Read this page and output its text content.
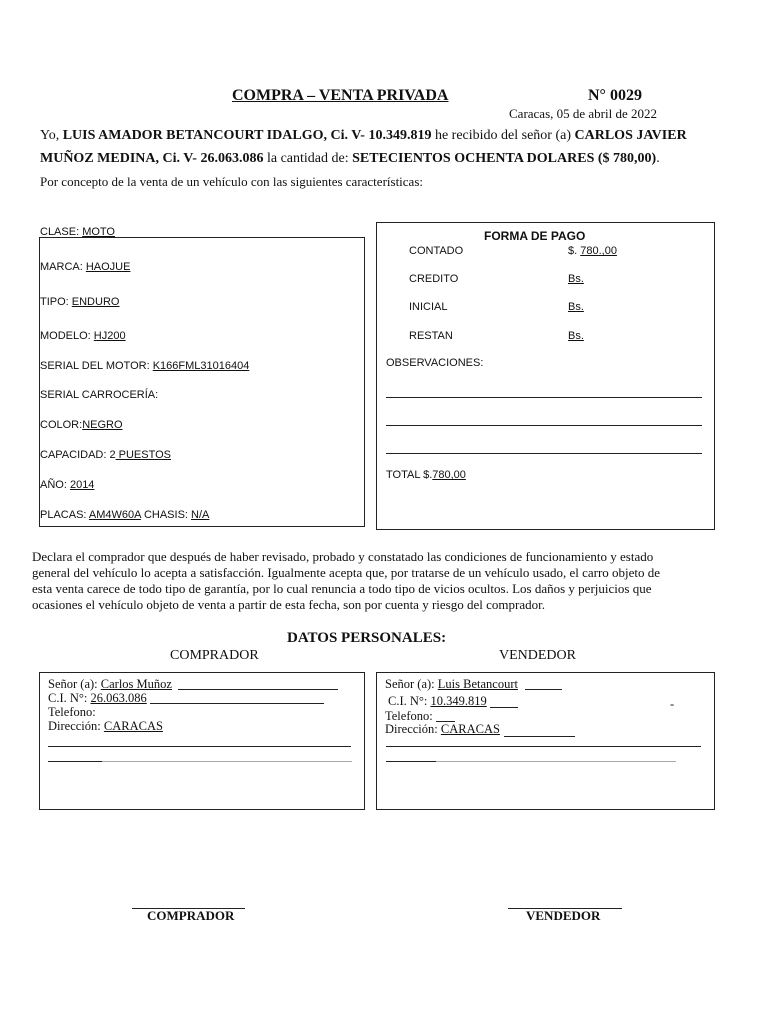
COMPRA – VENTA PRIVADA	N° 0029
Caracas, 05 de abril de 2022
Yo, LUIS AMADOR BETANCOURT IDALGO, Ci. V- 10.349.819 he recibido del señor (a) CARLOS JAVIER
MUÑOZ MEDINA, Ci. V- 26.063.086 la cantidad de: SETECIENTOS OCHENTA DOLARES ($ 780,00).
Por concepto de la venta de un vehículo con las siguientes características:
CLASE: MOTO
MARCA: HAOJUE
TIPO: ENDURO
MODELO: HJ200
SERIAL DEL MOTOR: K166FML31016404
SERIAL CARROCERÍA:
COLOR:NEGRO
CAPACIDAD: 2 PUESTOS
AÑO: 2014
PLACAS: AM4W60A CHASIS: N/A
FORMA DE PAGO
CONTADO	$. 780.,00
CREDITO	Bs.
INICIAL	Bs.
RESTAN	Bs.
OBSERVACIONES:
TOTAL $.780,00
Declara el comprador que después de haber revisado, probado y constatado las condiciones de funcionamiento y estado
general del vehículo lo acepta a satisfacción. Igualmente acepta que, por tratarse de un vehículo usado, el carro objeto de
esta venta carece de todo tipo de garantía, por lo cual renuncia a todo tipo de vicios ocultos. Los daños y perjuicios que
ocasiones el vehículo objeto de venta a partir de esta fecha, son por cuenta y riesgo del comprador.
DATOS PERSONALES:
COMPRADOR	VENDEDOR
Señor (a): Carlos Muñoz
C.I. N°: 26.063.086
Telefono:
Dirección: CARACAS
Señor (a): Luis Betancourt
C.I. N°: 10.349.819	-
Telefono:
Dirección: CARACAS
COMPRADOR	VENDEDOR
